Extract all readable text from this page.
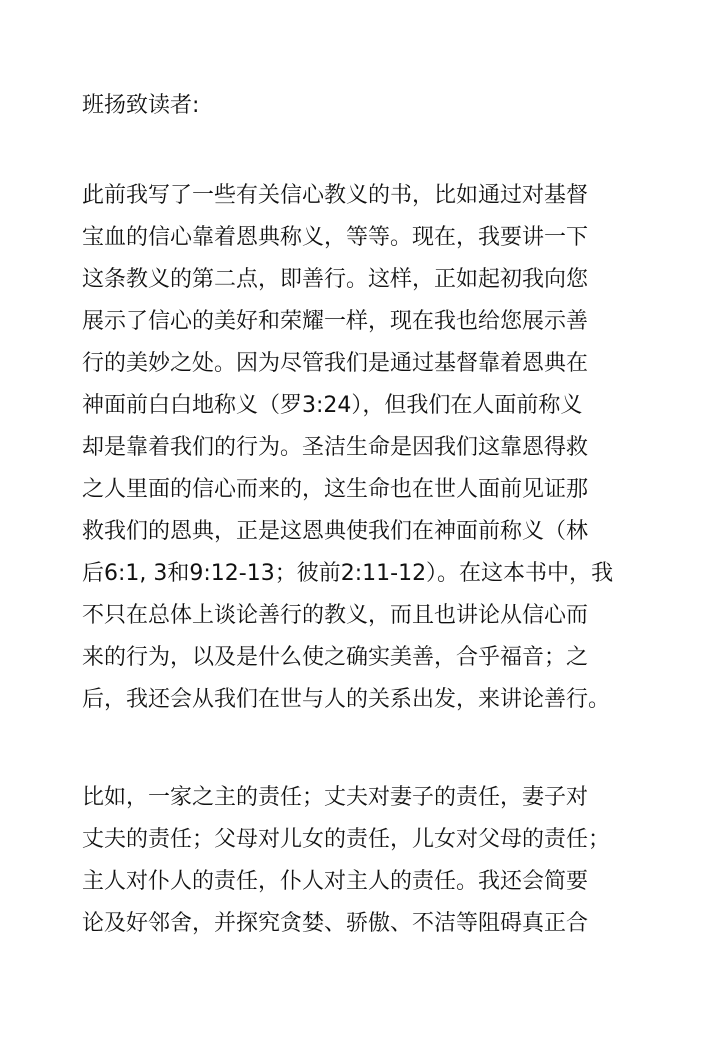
班扬致读者:
此前我写了一些有关信心教义的书，比如通过对基督
宝血的信心靠着恩典称义，等等。现在，我要讲一下
这条教义的第二点，即善行。这样，正如起初我向您
展示了信心的美好和荣耀一样，现在我也给您展示善
行的美妙之处。因为尽管我们是通过基督靠着恩典在
神面前白白地称义（罗3:24），但我们在人面前称义
却是靠着我们的行为。圣洁生命是因我们这靠恩得救
之人里面的信心而来的，这生命也在世人面前见证那
救我们的恩典，正是这恩典使我们在神面前称义（林
后6:1, 3和9:12-13；彼前2:11-12）。在这本书中，我
不只在总体上谈论善行的教义，而且也讲论从信心而
来的行为，以及是什么使之确实美善，合乎福音；之
后，我还会从我们在世与人的关系出发，来讲论善行。
比如，一家之主的责任；丈夫对妻子的责任，妻子对
丈夫的责任；父母对儿女的责任，儿女对父母的责任；
主人对仆人的责任，仆人对主人的责任。我还会简要
论及好邻舍，并探究贪婪、骄傲、不洁等阻碍真正合
